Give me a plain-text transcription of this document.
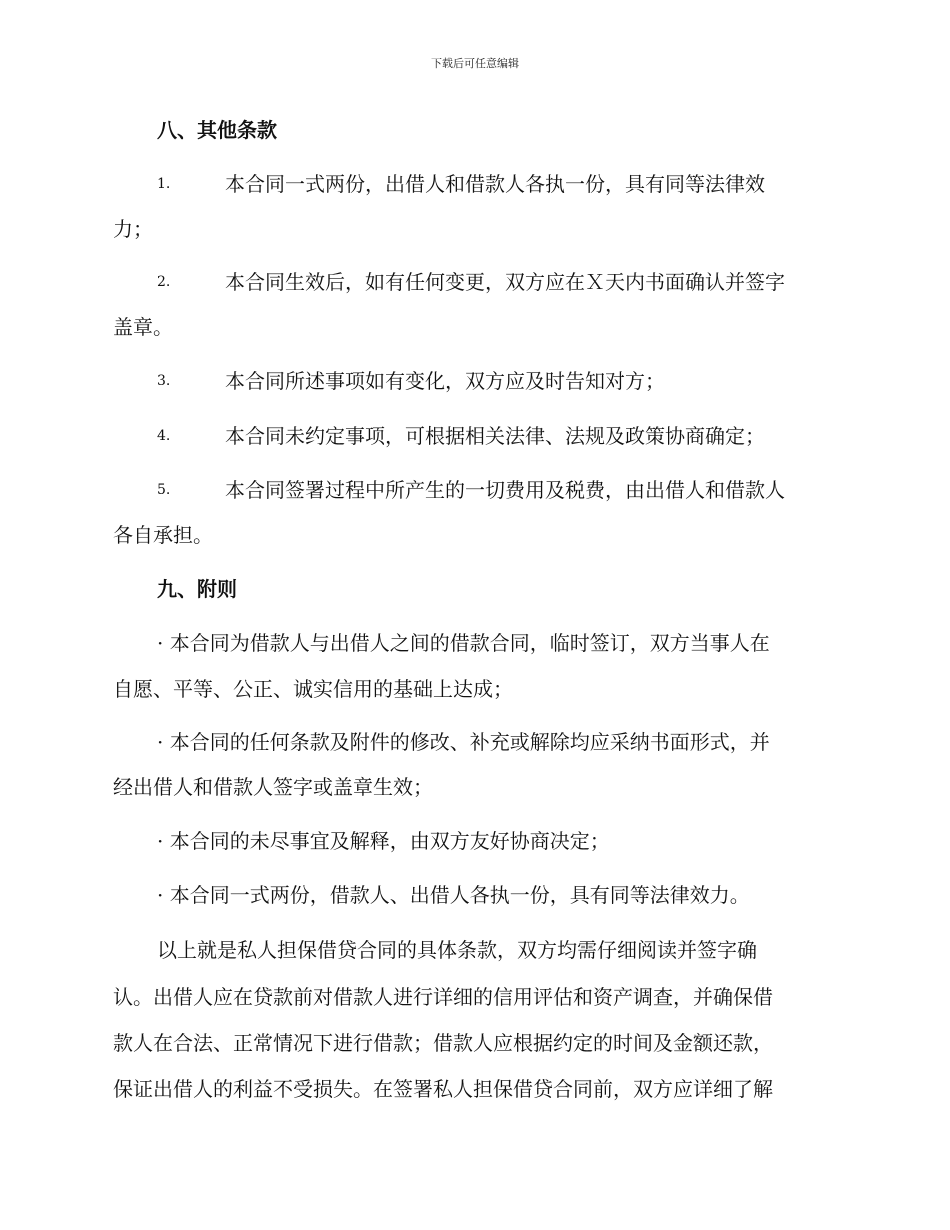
下载后可任意编辑
八、其他条款
1.	本合同一式两份，出借人和借款人各执一份，具有同等法律效
力；
2.	本合同生效后，如有任何变更，双方应在Ｘ天内书面确认并签字
盖章。
3.	本合同所述事项如有变化，双方应及时告知对方；
4.	本合同未约定事项，可根据相关法律、法规及政策协商确定；
5.	本合同签署过程中所产生的一切费用及税费，由出借人和借款人
各自承担。
九、附则
· 本合同为借款人与出借人之间的借款合同，临时签订，双方当事人在
自愿、平等、公正、诚实信用的基础上达成；
· 本合同的任何条款及附件的修改、补充或解除均应采纳书面形式，并
经出借人和借款人签字或盖章生效；
· 本合同的未尽事宜及解释，由双方友好协商决定；
· 本合同一式两份，借款人、出借人各执一份，具有同等法律效力。
以上就是私人担保借贷合同的具体条款，双方均需仔细阅读并签字确
认。出借人应在贷款前对借款人进行详细的信用评估和资产调查，并确保借
款人在合法、正常情况下进行借款；借款人应根据约定的时间及金额还款，
保证出借人的利益不受损失。在签署私人担保借贷合同前，双方应详细了解
